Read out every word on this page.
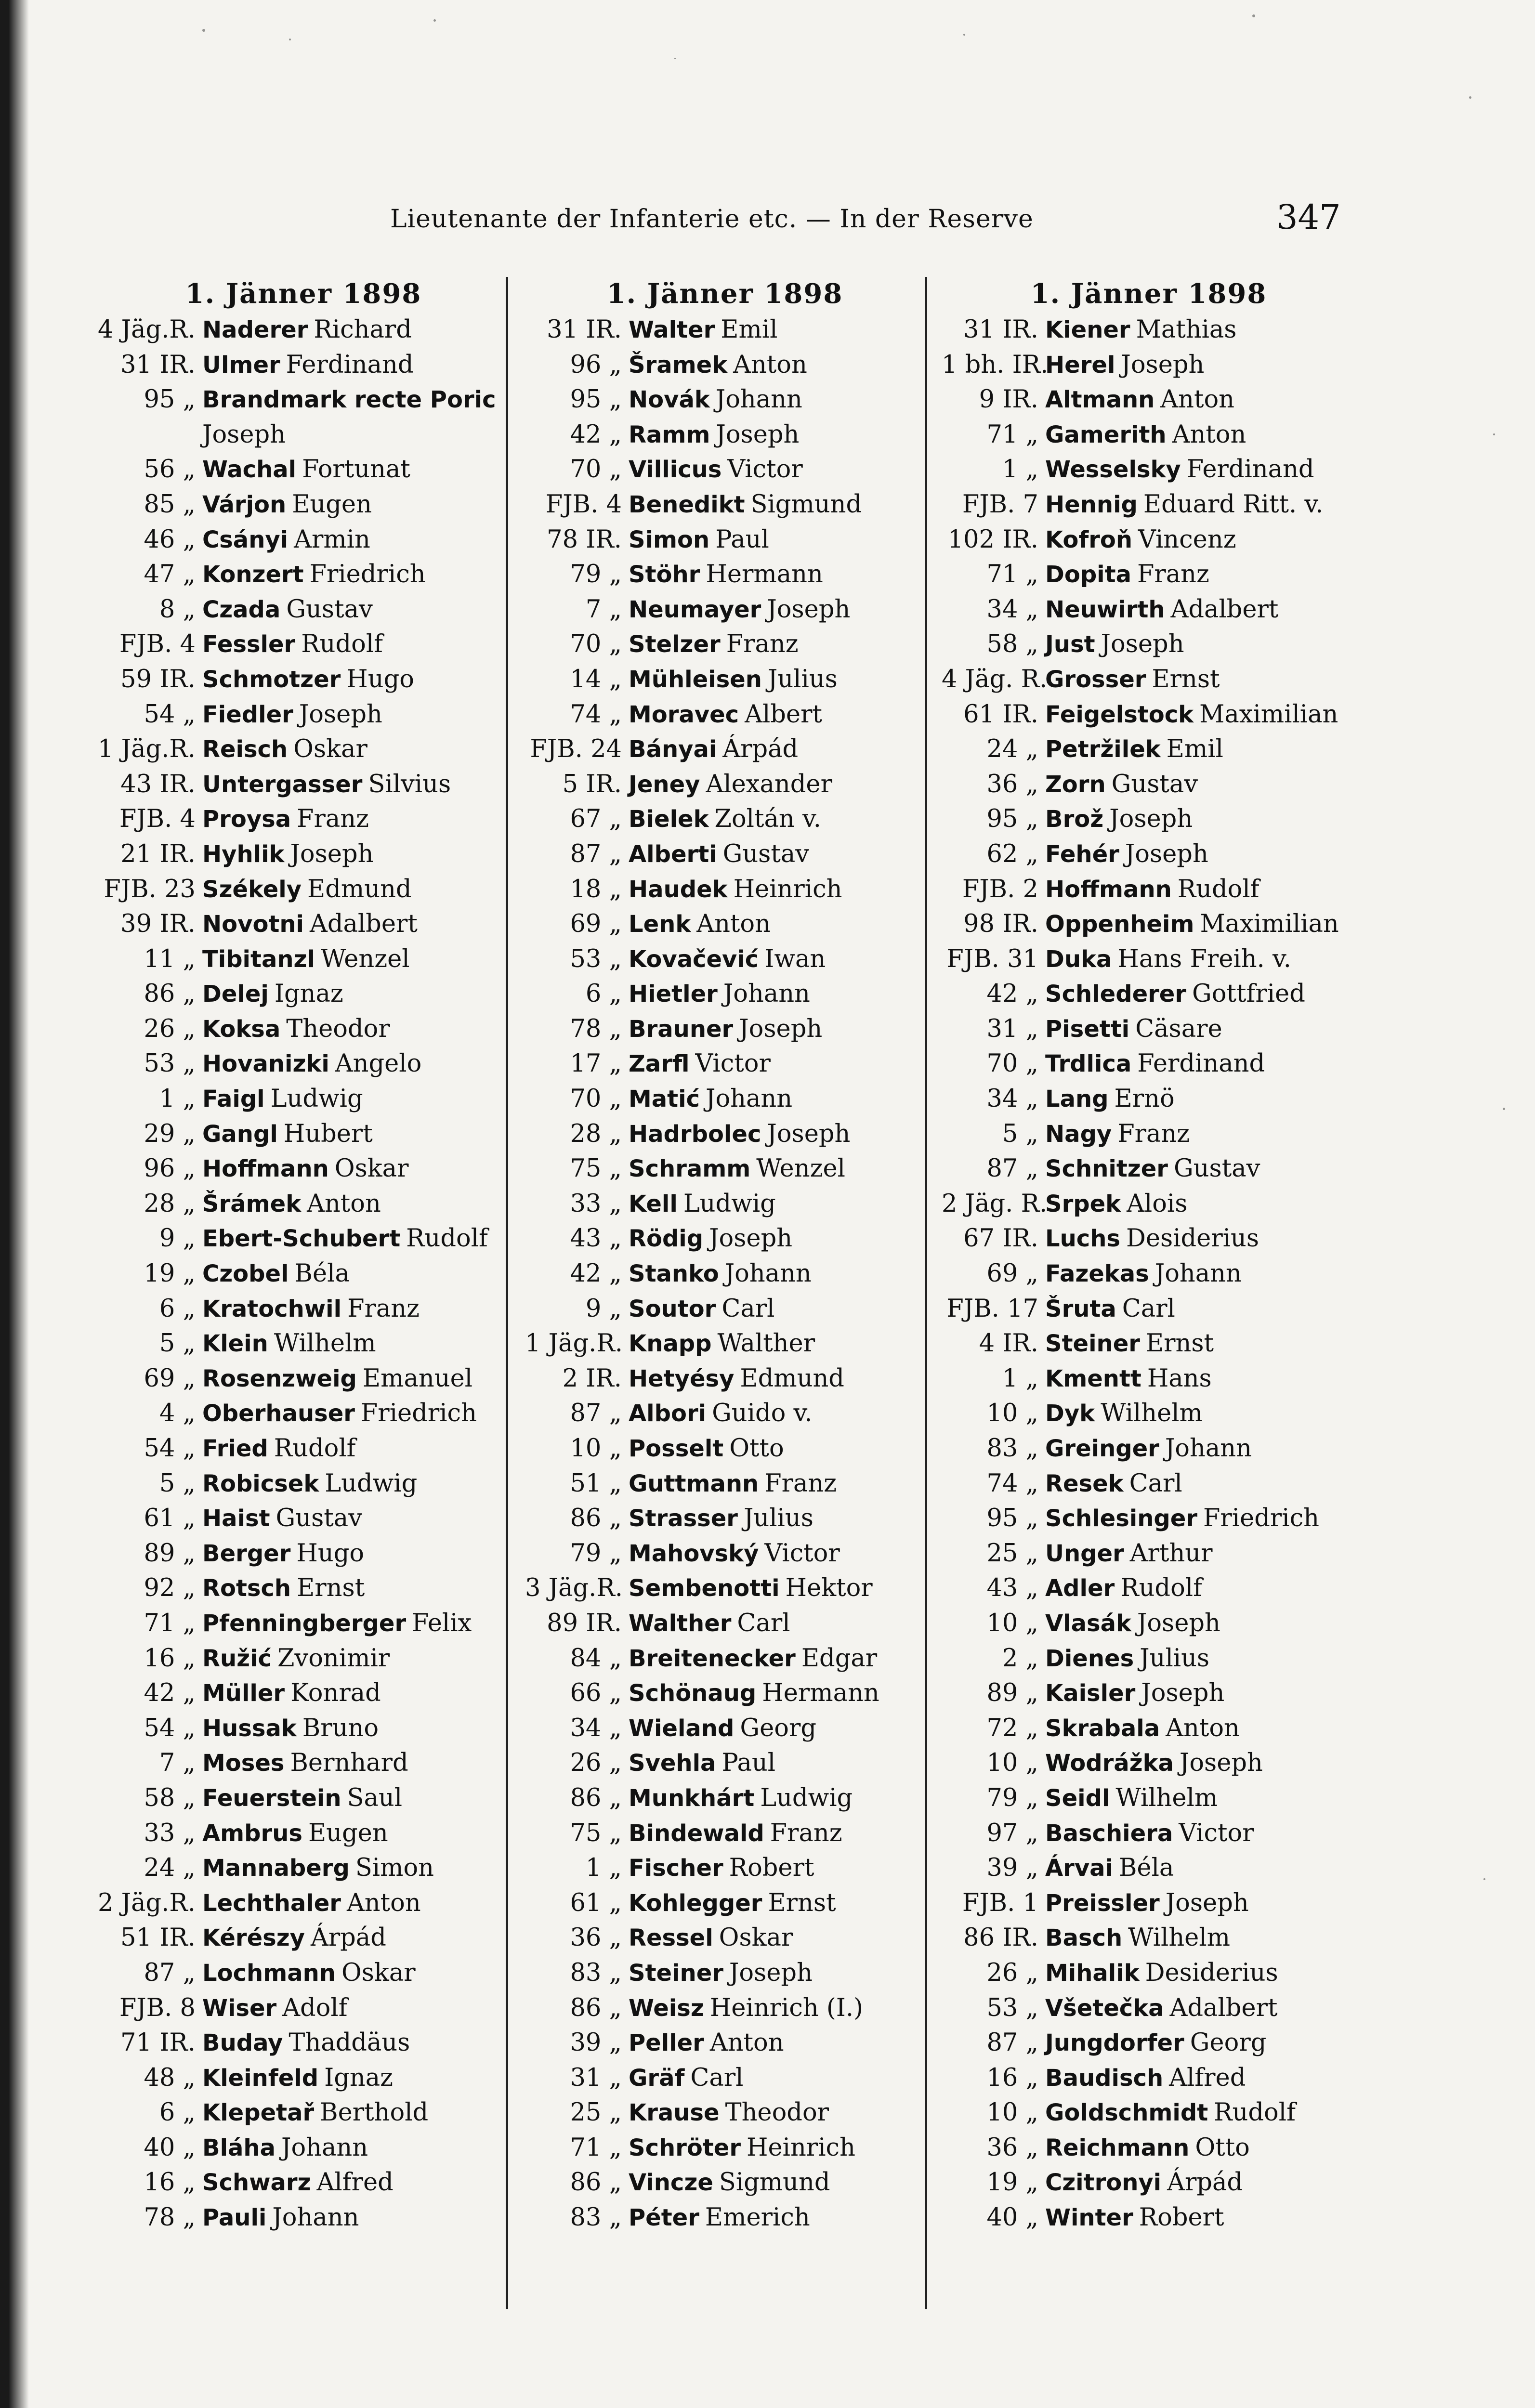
Lieutenante der Infanterie etc. — In der Reserve	347
1. Jänner 1898
4 Jäg.R. Naderer Richard
31 IR. Ulmer Ferdinand
95 „ Brandmark recte Poric
Joseph
56 „ Wachal Fortunat
85 „ Várjon Eugen
46 „ Csányi Armin
47 „ Konzert Friedrich
8 „ Czada Gustav
FJB. 4 Fessler Rudolf
59 IR. Schmotzer Hugo
54 „ Fiedler Joseph
1 Jäg.R. Reisch Oskar
43 IR. Untergasser Silvius
FJB. 4 Proysa Franz
21 IR. Hyhlik Joseph
FJB. 23 Székely Edmund
39 IR. Novotni Adalbert
11 „ Tibitanzl Wenzel
86 „ Delej Ignaz
26 „ Koksa Theodor
53 „ Hovanizki Angelo
1 „ Faigl Ludwig
29 „ Gangl Hubert
96 „ Hoffmann Oskar
28 „ Šrámek Anton
9 „ Ebert-Schubert Rudolf
19 „ Czobel Béla
6 „ Kratochwil Franz
5 „ Klein Wilhelm
69 „ Rosenzweig Emanuel
4 „ Oberhauser Friedrich
54 „ Fried Rudolf
5 „ Robicsek Ludwig
61 „ Haist Gustav
89 „ Berger Hugo
92 „ Rotsch Ernst
71 „ Pfenningberger Felix
16 „ Ružić Zvonimir
42 „ Müller Konrad
54 „ Hussak Bruno
7 „ Moses Bernhard
58 „ Feuerstein Saul
33 „ Ambrus Eugen
24 „ Mannaberg Simon
2 Jäg.R. Lechthaler Anton
51 IR. Kérészy Árpád
87 „ Lochmann Oskar
FJB. 8 Wiser Adolf
71 IR. Buday Thaddäus
48 „ Kleinfeld Ignaz
6 „ Klepetař Berthold
40 „ Bláha Johann
16 „ Schwarz Alfred
78 „ Pauli Johann
1. Jänner 1898
31 IR. Walter Emil
96 „ Šramek Anton
95 „ Novák Johann
42 „ Ramm Joseph
70 „ Villicus Victor
FJB. 4 Benedikt Sigmund
78 IR. Simon Paul
79 „ Stöhr Hermann
7 „ Neumayer Joseph
70 „ Stelzer Franz
14 „ Mühleisen Julius
74 „ Moravec Albert
FJB. 24 Bányai Árpád
5 IR. Jeney Alexander
67 „ Bielek Zoltán v.
87 „ Alberti Gustav
18 „ Haudek Heinrich
69 „ Lenk Anton
53 „ Kovačević Iwan
6 „ Hietler Johann
78 „ Brauner Joseph
17 „ Zarfl Victor
70 „ Matić Johann
28 „ Hadrbolec Joseph
75 „ Schramm Wenzel
33 „ Kell Ludwig
43 „ Rödig Joseph
42 „ Stanko Johann
9 „ Soutor Carl
1 Jäg.R. Knapp Walther
2 IR. Hetyésy Edmund
87 „ Albori Guido v.
10 „ Posselt Otto
51 „ Guttmann Franz
86 „ Strasser Julius
79 „ Mahovský Victor
3 Jäg.R. Sembenotti Hektor
89 IR. Walther Carl
84 „ Breitenecker Edgar
66 „ Schönaug Hermann
34 „ Wieland Georg
26 „ Svehla Paul
86 „ Munkhárt Ludwig
75 „ Bindewald Franz
1 „ Fischer Robert
61 „ Kohlegger Ernst
36 „ Ressel Oskar
83 „ Steiner Joseph
86 „ Weisz Heinrich (I.)
39 „ Peller Anton
31 „ Gräf Carl
25 „ Krause Theodor
71 „ Schröter Heinrich
86 „ Vincze Sigmund
83 „ Péter Emerich
1. Jänner 1898
31 IR. Kiener Mathias
1 bh. IR.
Herel Joseph
9 IR. Altmann Anton
71 „ Gamerith Anton
1 „ Wesselsky Ferdinand
FJB. 7 Hennig Eduard Ritt. v.
102 IR. Kofroň Vincenz
71 „ Dopita Franz
34 „ Neuwirth Adalbert
58 „ Just Joseph
4 Jäg. R.
Grosser Ernst
61 IR. Feigelstock Maximilian
24 „ Petržilek Emil
36 „ Zorn Gustav
95 „ Brož Joseph
62 „ Fehér Joseph
FJB. 2 Hoffmann Rudolf
98 IR. Oppenheim Maximilian
FJB. 31 Duka Hans Freih. v.
42 „ Schlederer Gottfried
31 „ Pisetti Cäsare
70 „ Trdlica Ferdinand
34 „ Lang Ernö
5 „ Nagy Franz
87 „ Schnitzer Gustav
2 Jäg. R.
Srpek Alois
67 IR. Luchs Desiderius
69 „ Fazekas Johann
FJB. 17 Šruta Carl
4 IR. Steiner Ernst
1 „ Kmentt Hans
10 „ Dyk Wilhelm
83 „ Greinger Johann
74 „ Resek Carl
95 „ Schlesinger Friedrich
25 „ Unger Arthur
43 „ Adler Rudolf
10 „ Vlasák Joseph
2 „ Dienes Julius
89 „ Kaisler Joseph
72 „ Skrabala Anton
10 „ Wodrážka Joseph
79 „ Seidl Wilhelm
97 „ Baschiera Victor
39 „ Árvai Béla
FJB. 1 Preissler Joseph
86 IR. Basch Wilhelm
26 „ Mihalik Desiderius
53 „ Všetečka Adalbert
87 „ Jungdorfer Georg
16 „ Baudisch Alfred
10 „ Goldschmidt Rudolf
36 „ Reichmann Otto
19 „ Czitronyi Árpád
40 „ Winter Robert
